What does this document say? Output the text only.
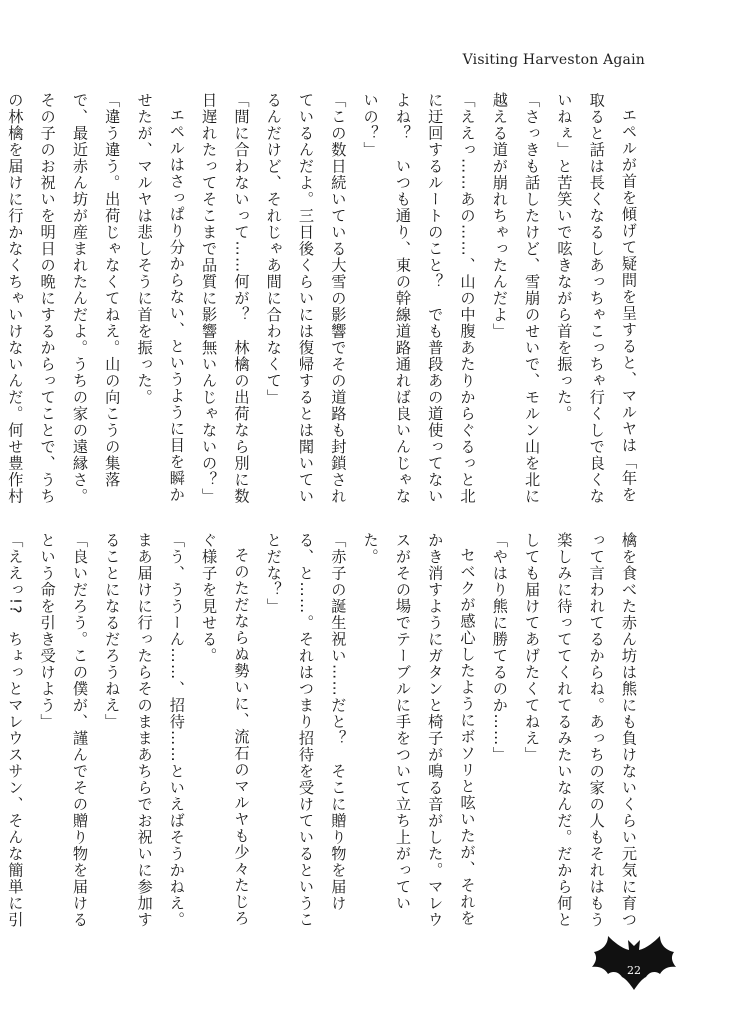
Visiting Harveston Again

エペルが首を傾げて疑問を呈すると、マルヤは「年を取ると話は長くなるしあっちゃこっちゃ行くしで良くないねぇ」と苦笑いで呟きながら首を振った。

「さっきも話したけど、雪崩のせいで、モルン山を北に越える道が崩れちゃったんだよ」

「ええっ……あの……、山の中腹あたりからぐるっと北に迂回するルートのこと？　でも普段あの道使ってないよね？　いつも通り、東の幹線道路通れば良いんじゃないの？」

「この数日続いている大雪の影響でその道路も封鎖されているんだよ。三日後くらいには復帰するとは聞いているんだけど、それじゃあ間に合わなくて」

「間に合わないって……何が？　林檎の出荷なら別に数日遅れたってそこまで品質に影響無いんじゃないの？」

エペルはさっぱり分からない、というように目を瞬かせたが、マルヤは悲しそうに首を振った。

「違う違う。出荷じゃなくてねえ。山の向こうの集落で、最近赤ん坊が産まれたんだよ。うちの家の遠縁さ。その子のお祝いを明日の晩にするからってことで、うちの林檎を届けに行かなくちゃいけないんだ。何せ豊作村

檎を食べた赤ん坊は熊にも負けないくらい元気に育つって言われてるからね。あっちの家の人もそれはもう楽しみに待っててくれてるみたいなんだ。だから何としても届けてあげたくてねえ」

「やはり熊に勝てるのか……」

セベクが感心したようにボソリと呟いたが、それをかき消すようにガタンと椅子が鳴る音がした。マレウスがその場でテーブルに手をついて立ち上がっていた。

「赤子の誕生祝い……だと？　そこに贈り物を届ける、と……。それはつまり招待を受けているということだな？」

そのただならぬ勢いに、流石のマルヤも少々たじろぐ様子を見せる。

「う、ううーん……、招待……といえばそうかねえ。まあ届けに行ったらそのままあちらでお祝いに参加することになるだろうねえ」

「良いだろう。この僕が、謹んでその贈り物を届けるという命を引き受けよう」

「ええっ!?　ちょっとマレウスサン、そんな簡単に引

22
